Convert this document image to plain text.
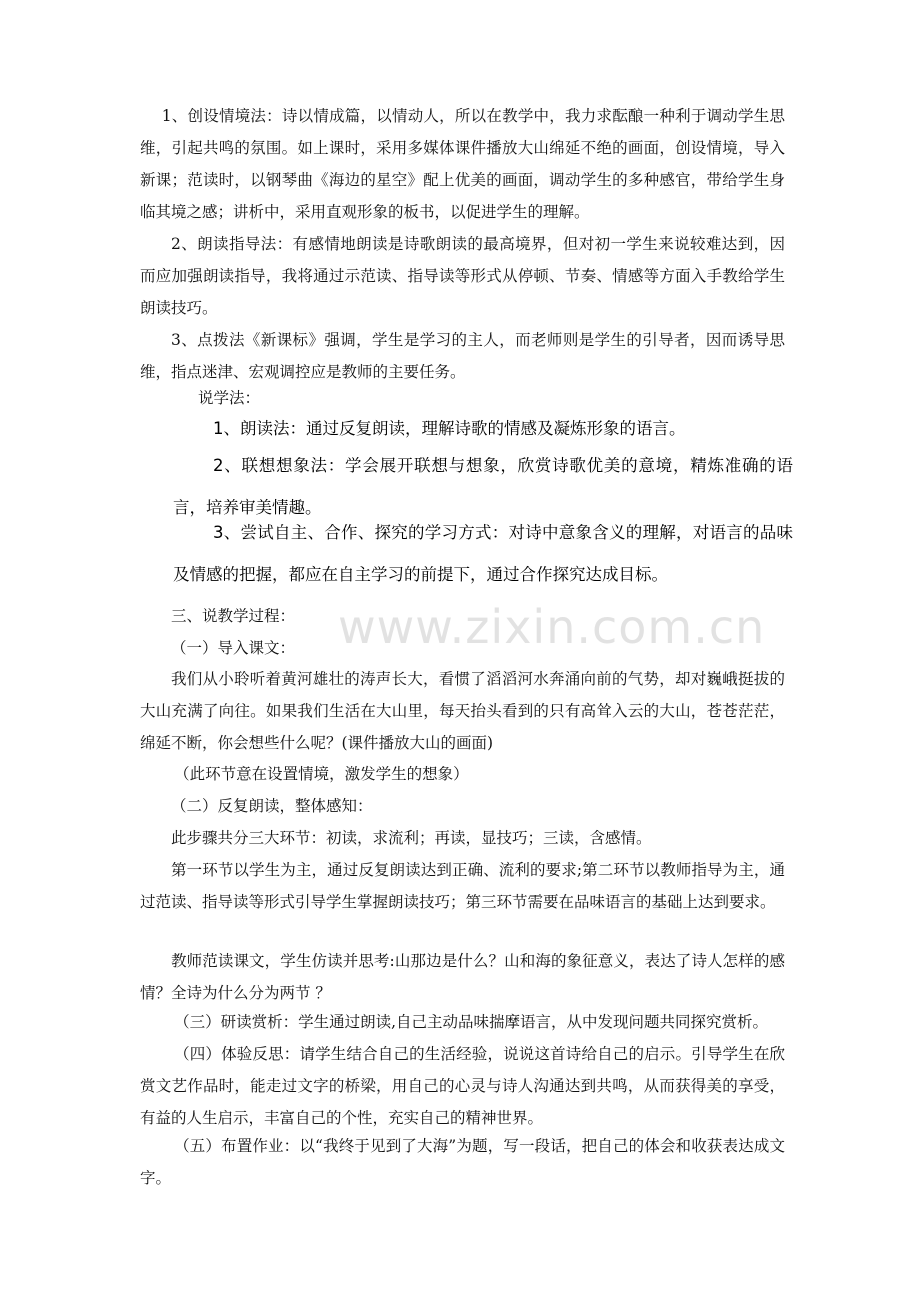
1、创设情境法：诗以情成篇，以情动人，所以在教学中，我力求酝酿一种利于调动学生思维，引起共鸣的氛围。如上课时，采用多媒体课件播放大山绵延不绝的画面，创设情境，导入新课；范读时，以钢琴曲《海边的星空》配上优美的画面，调动学生的多种感官，带给学生身临其境之感；讲析中，采用直观形象的板书，以促进学生的理解。
2、朗读指导法：有感情地朗读是诗歌朗读的最高境界，但对初一学生来说较难达到，因而应加强朗读指导，我将通过示范读、指导读等形式从停顿、节奏、情感等方面入手教给学生朗读技巧。
3、点拨法《新课标》强调，学生是学习的主人，而老师则是学生的引导者，因而诱导思维，指点迷津、宏观调控应是教师的主要任务。
说学法：
1、朗读法：通过反复朗读，理解诗歌的情感及凝炼形象的语言。
2、联想想象法：学会展开联想与想象，欣赏诗歌优美的意境，精炼准确的语言，培养审美情趣。
3、尝试自主、合作、探究的学习方式：对诗中意象含义的理解，对语言的品味及情感的把握，都应在自主学习的前提下，通过合作探究达成目标。
三、说教学过程：
（一）导入课文：
我们从小聆听着黄河雄壮的涛声长大，看惯了滔滔河水奔涌向前的气势，却对巍峨挺拔的大山充满了向往。如果我们生活在大山里，每天抬头看到的只有高耸入云的大山，苍苍茫茫，绵延不断，你会想些什么呢？(课件播放大山的画面)
（此环节意在设置情境，激发学生的想象）
（二）反复朗读，整体感知：
此步骤共分三大环节：初读，求流利；再读，显技巧；三读，含感情。
第一环节以学生为主，通过反复朗读达到正确、流利的要求;第二环节以教师指导为主，通过范读、指导读等形式引导学生掌握朗读技巧；第三环节需要在品味语言的基础上达到要求。
教师范读课文，学生仿读并思考:山那边是什么？山和海的象征意义，表达了诗人怎样的感情？全诗为什么分为两节 ？
（三）研读赏析：学生通过朗读,自己主动品味揣摩语言，从中发现问题共同探究赏析。
（四）体验反思：请学生结合自己的生活经验，说说这首诗给自己的启示。引导学生在欣赏文艺作品时，能走过文字的桥梁，用自己的心灵与诗人沟通达到共鸣，从而获得美的享受，有益的人生启示，丰富自己的个性，充实自己的精神世界。
（五）布置作业：以“我终于见到了大海”为题，写一段话，把自己的体会和收获表达成文字。
www.zixin.com.cn
